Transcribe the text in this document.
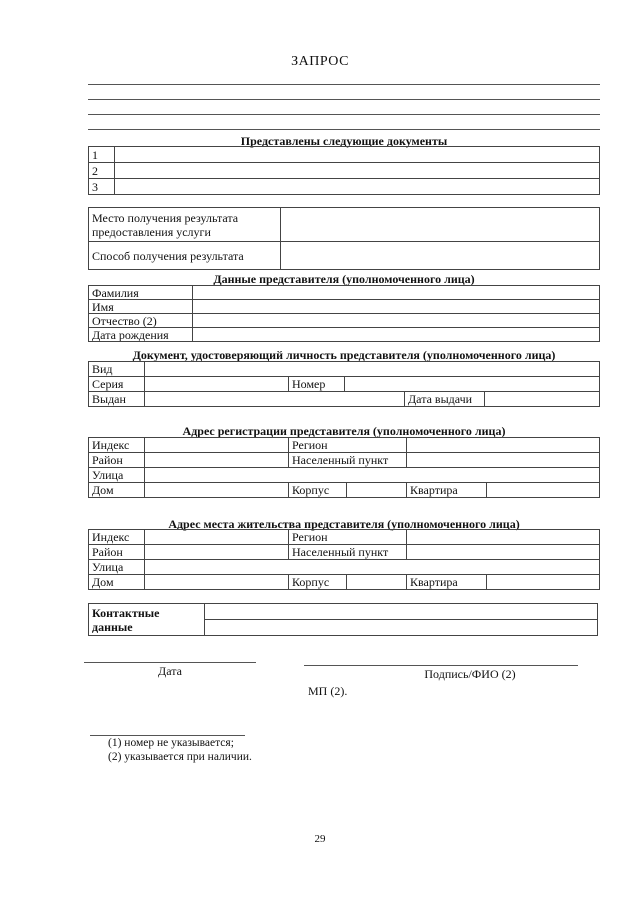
ЗАПРОС
Представлены следующие документы
1	
2	
3	
Место получения результата предоставления услуги	
Способ получения результата	
Данные представителя (уполномоченного лица)
Фамилия	
Имя	
Отчество (2)	
Дата рождения	
Документ, удостоверяющий личность представителя (уполномоченного лица)
Вид					
Серия		Номер			
Выдан				Дата выдачи	
Адрес регистрации представителя (уполномоченного лица)
Индекс		Регион			
Район		Населенный пункт			
Улица					
Дом		Корпус		Квартира	
Адрес места жительства представителя (уполномоченного лица)
Индекс		Регион			
Район		Населенный пункт			
Улица					
Дом		Корпус		Квартира	
Контактные данные	

Дата	Подпись/ФИО (2)
МП (2).
(1) номер не указывается;
(2) указывается при наличии.
29
